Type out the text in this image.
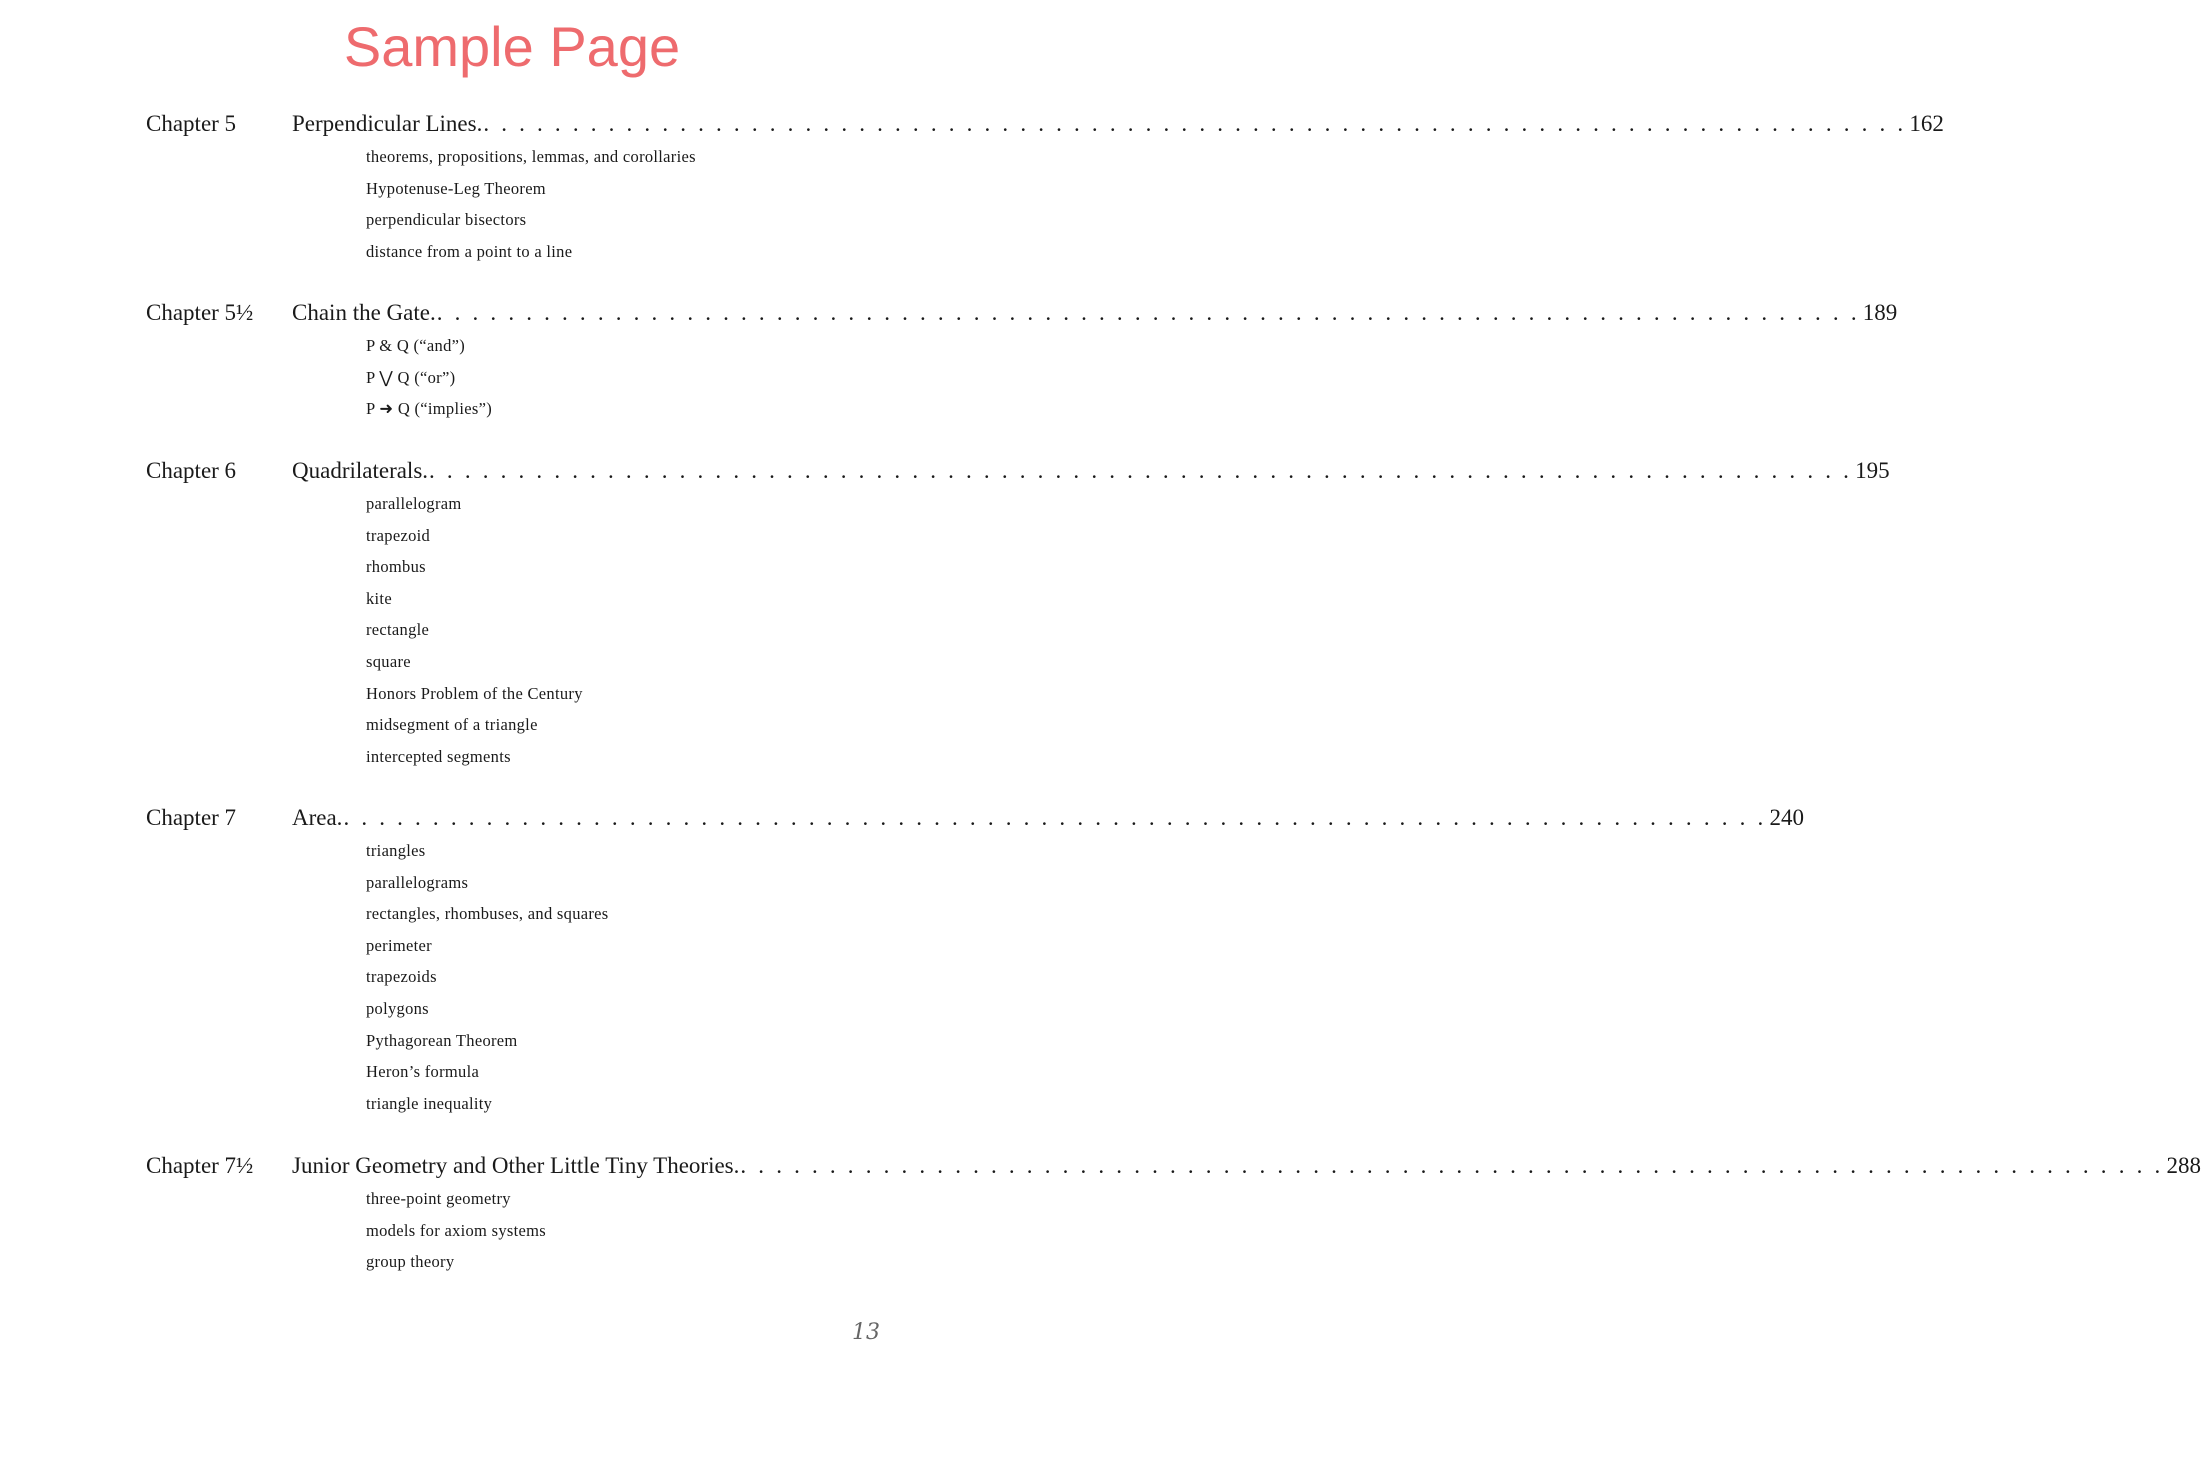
Sample Page
Chapter 5 Perpendicular Lines. . . . . . . . . . . . . . . . . . . . . . . . . . . . . . . . . . . . . . . . . . . . . . . . . . . . . . . . . . . . . . . . . . . . . . . . . . . . . . . . . 162
theorems, propositions, lemmas, and corollaries
Hypotenuse-Leg Theorem
perpendicular bisectors
distance from a point to a line
Chapter 5½ Chain the Gate. . . . . . . . . . . . . . . . . . . . . . . . . . . . . . . . . . . . . . . . . . . . . . . . . . . . . . . . . . . . . . . . . . . . . . . . . . . . . . . . . 189
P & Q (“and”)
P ⋁ Q (“or”)
P ➜ Q (“implies”)
Chapter 6 Quadrilaterals. . . . . . . . . . . . . . . . . . . . . . . . . . . . . . . . . . . . . . . . . . . . . . . . . . . . . . . . . . . . . . . . . . . . . . . . . . . . . . . . . 195
parallelogram
trapezoid
rhombus
kite
rectangle
square
Honors Problem of the Century
midsegment of a triangle
intercepted segments
Chapter 7 Area. . . . . . . . . . . . . . . . . . . . . . . . . . . . . . . . . . . . . . . . . . . . . . . . . . . . . . . . . . . . . . . . . . . . . . . . . . . . . . . . . 240
triangles
parallelograms
rectangles, rhombuses, and squares
perimeter
trapezoids
polygons
Pythagorean Theorem
Heron’s formula
triangle inequality
Chapter 7½ Junior Geometry and Other Little Tiny Theories. . . . . . . . . . . . . . . . . . . . . . . . . . . . . . . . . . . . . . . . . . . . . . . . . . . . . . . . . . . . . . . . . . . . . . . . . . . . . . . . . 288
three-point geometry
models for axiom systems
group theory
13
